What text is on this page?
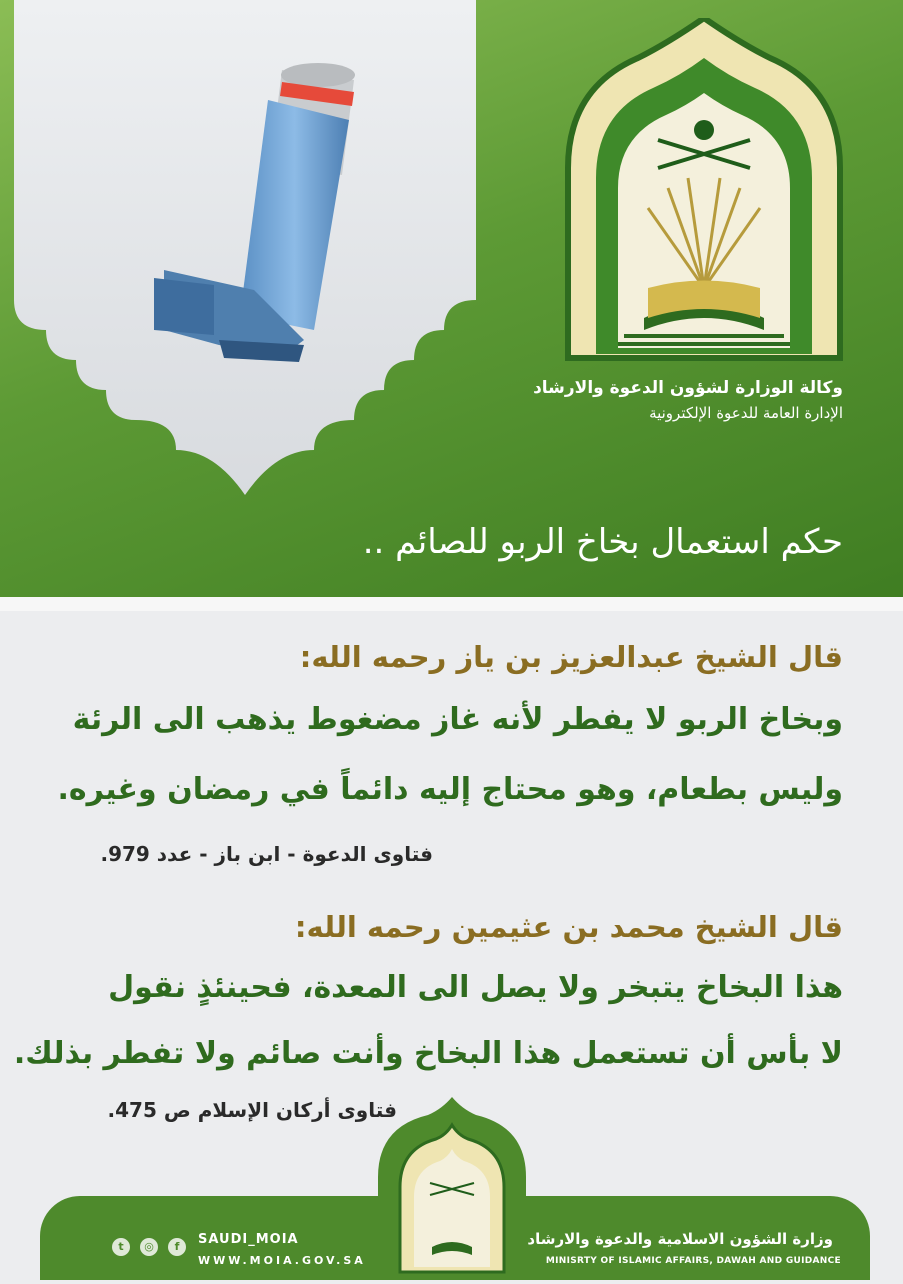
وكالة الوزارة لشؤون الدعوة والارشاد
الإدارة العامة للدعوة الإلكترونية
حكم استعمال بخاخ الربو للصائم ..
قال الشيخ عبدالعزيز بن ياز رحمه الله:
وبخاخ الربو لا يفطر لأنه غاز مضغوط يذهب الى الرئة
وليس بطعام، وهو محتاج إليه دائماً في رمضان وغيره.
فتاوى الدعوة - ابن باز - عدد 979.
قال الشيخ محمد بن عثيمين رحمه الله:
هذا البخاخ يتبخر ولا يصل الى المعدة، فحينئذٍ نقول
لا بأس أن تستعمل هذا البخاخ وأنت صائم ولا تفطر بذلك.
فتاوى أركان الإسلام ص 475.
t	◎	f	SAUDI_MOIA
WWW.MOIA.GOV.SA
وزارة الشؤون الاسلامية والدعوة والارشاد
MINISRTY OF ISLAMIC AFFAIRS, DAWAH AND GUIDANCE
